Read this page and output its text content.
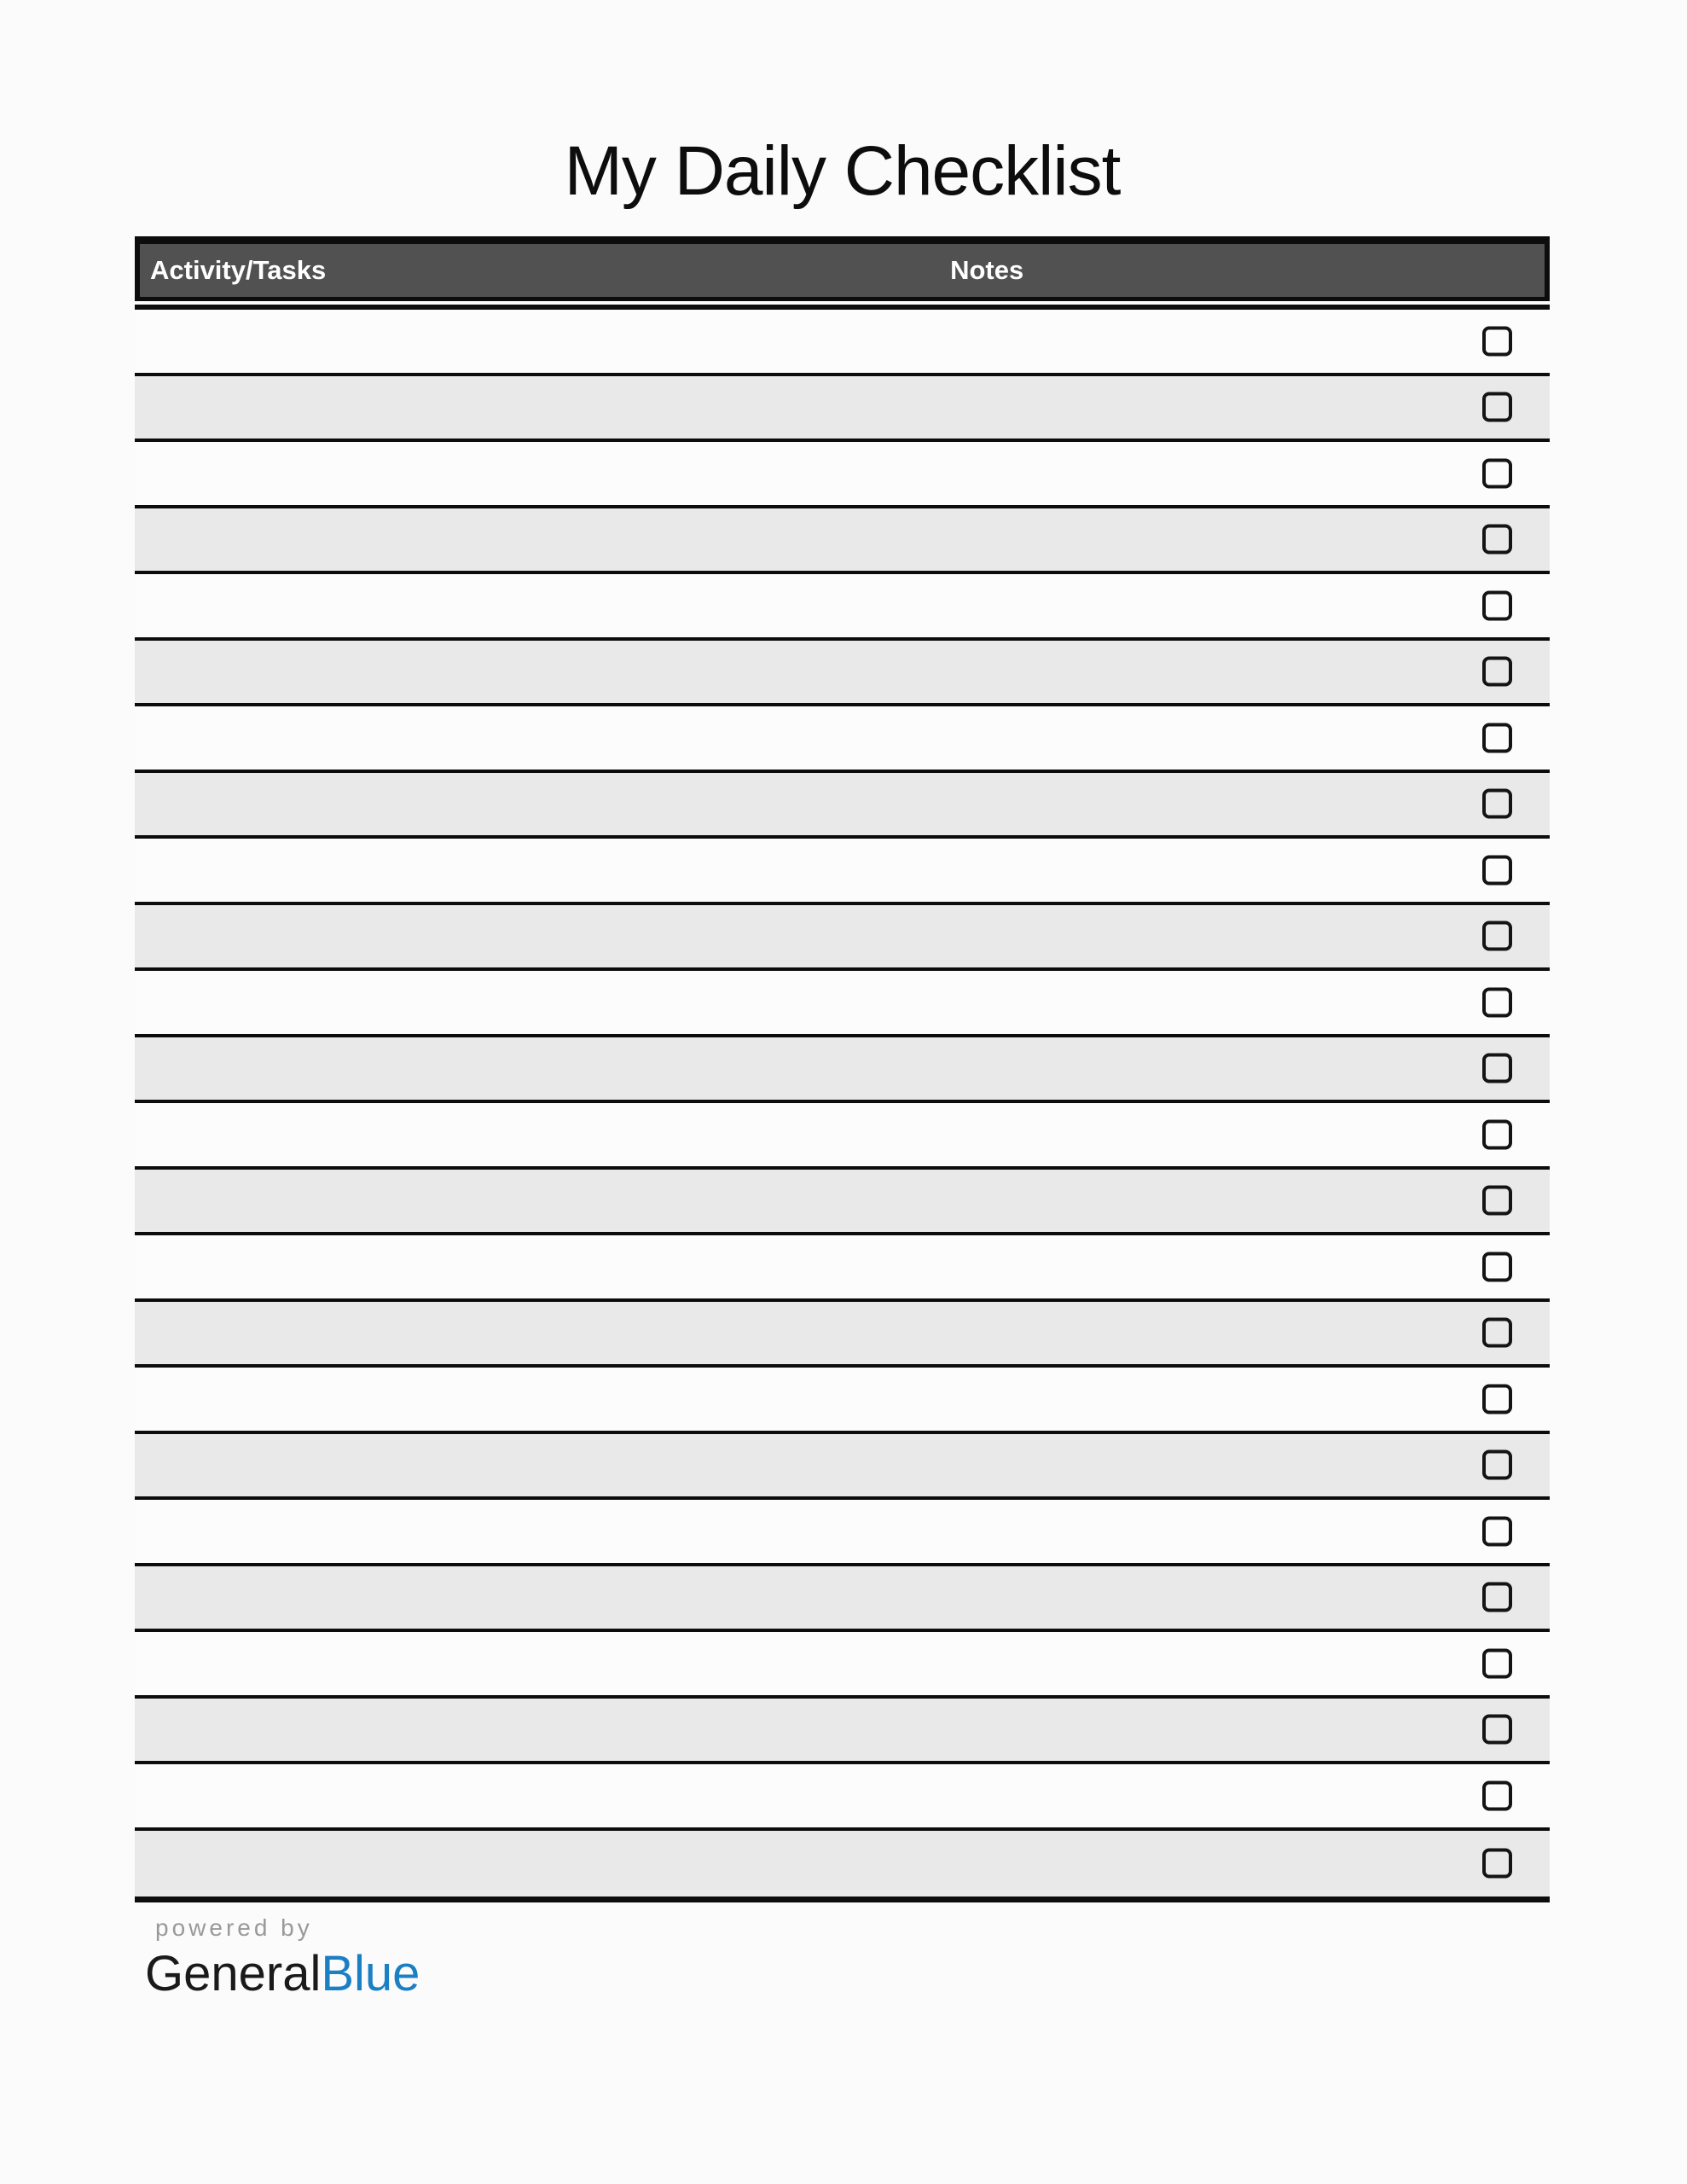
My Daily Checklist
Activity/Tasks	Notes
powered by
GeneralBlue
